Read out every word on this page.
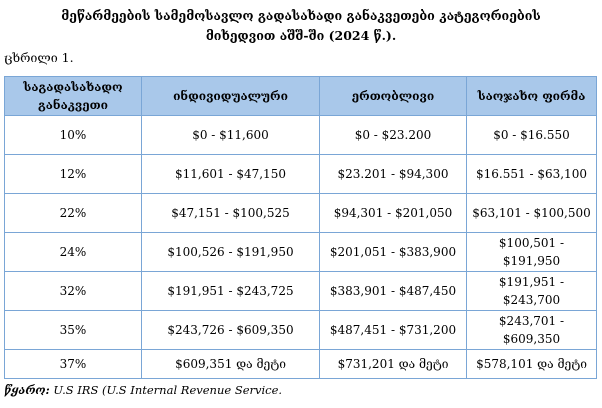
მეწარმეების სამემოსავლო გადასახადი განაკვეთები კატეგორიების
მიხედვით აშშ-ში (2024 წ.).
ცხრილი 1.
საგადასახადო განაკვეთი	ინდივიდუალური	ერთობლივი	საოჯახო ფირმა
10%	$0 - $11,600	$0 - $23.200	$0 - $16.550
12%	$11,601 - $47,150	$23.201 - $94,300	$16.551 - $63,100
22%	$47,151 - $100,525	$94,301 - $201,050	$63,101 - $100,500
24%	$100,526 - $191,950	$201,051 - $383,900	$100,501 - $191,950
32%	$191,951 - $243,725	$383,901 - $487,450	$191,951 - $243,700
35%	$243,726 - $609,350	$487,451 - $731,200	$243,701 - $609,350
37%	$609,351 და მეტი	$731,201 და მეტი	$578,101 და მეტი
წყარო: U.S IRS (U.S Internal Revenue Service.
